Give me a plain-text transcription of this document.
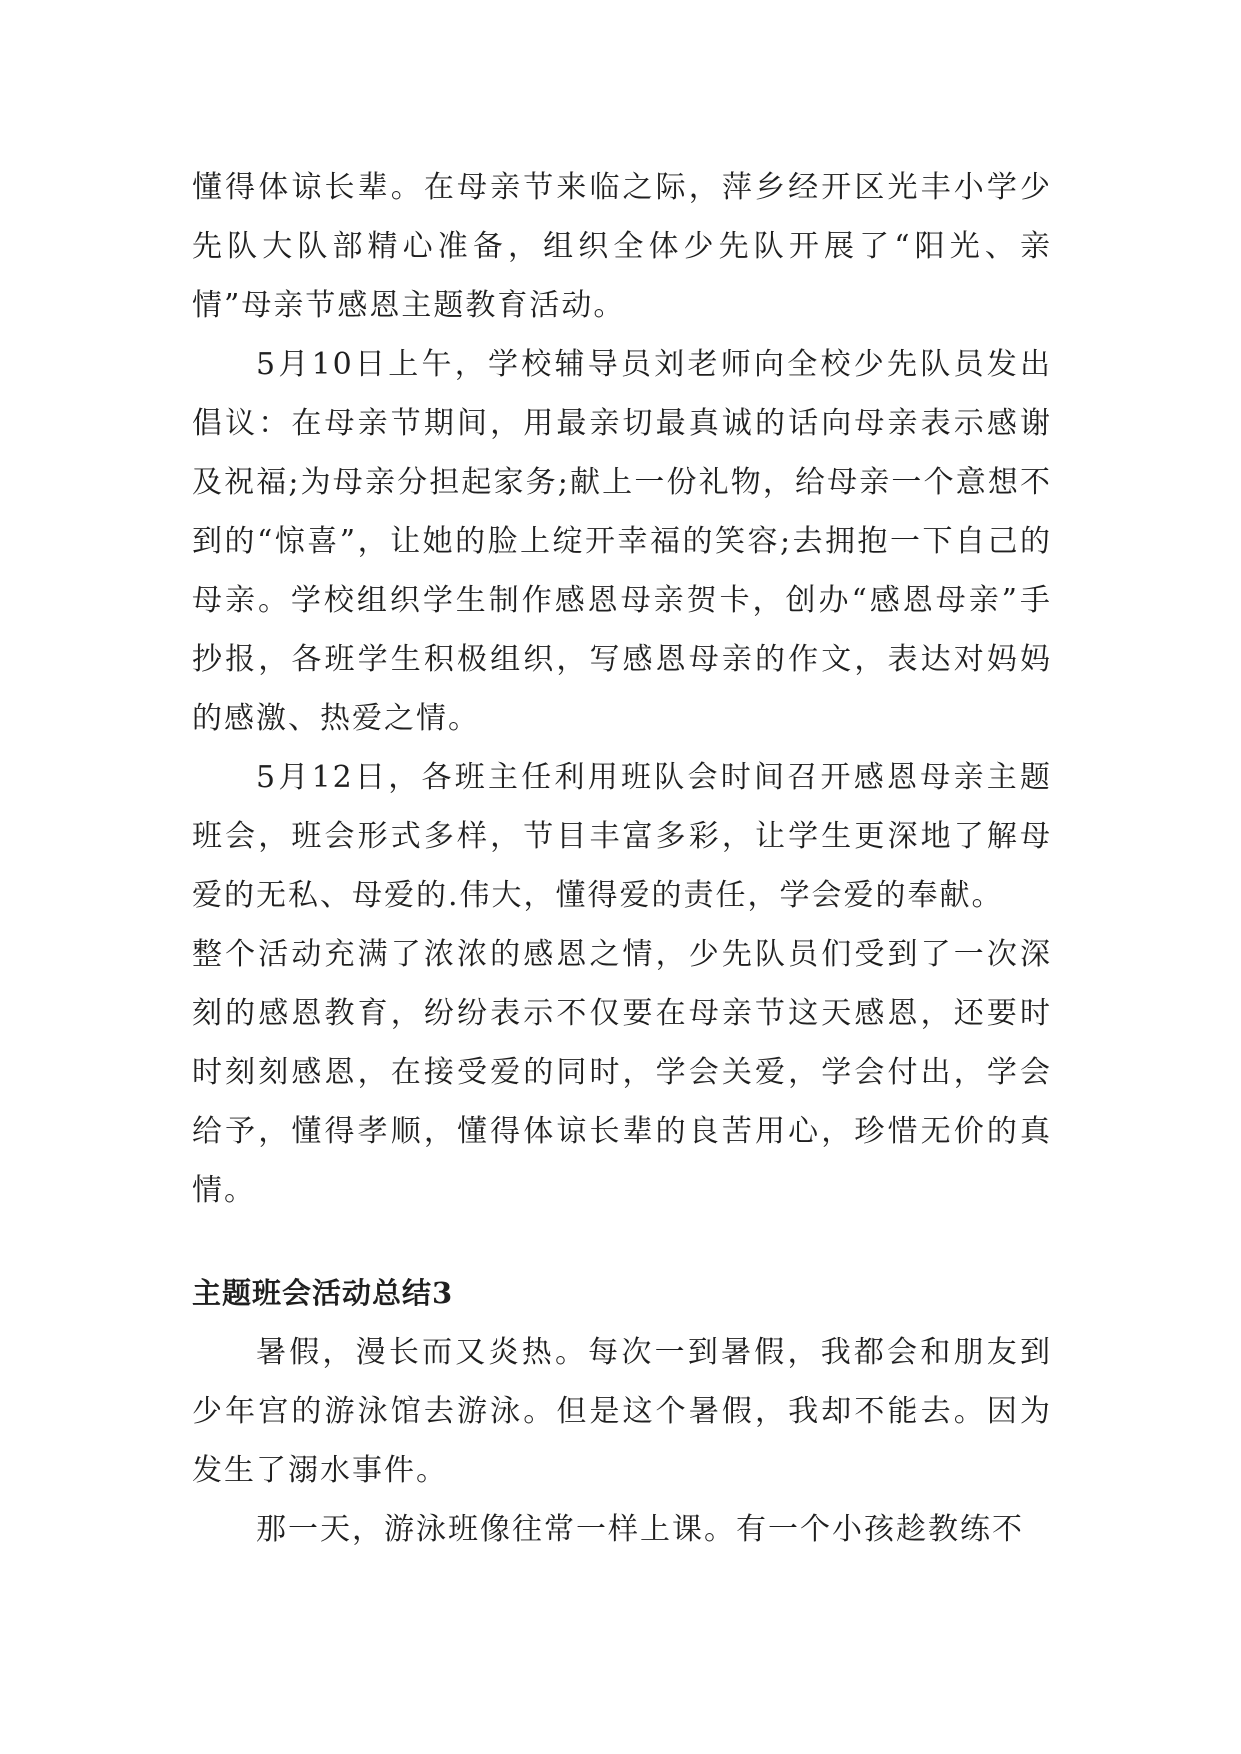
懂得体谅长辈。在母亲节来临之际，萍乡经开区光丰小学少先队大队部精心准备，组织全体少先队开展了“阳光、亲情”母亲节感恩主题教育活动。

5月10日上午，学校辅导员刘老师向全校少先队员发出倡议：在母亲节期间，用最亲切最真诚的话向母亲表示感谢及祝福;为母亲分担起家务;献上一份礼物，给母亲一个意想不到的“惊喜”，让她的脸上绽开幸福的笑容;去拥抱一下自己的母亲。学校组织学生制作感恩母亲贺卡，创办“感恩母亲”手抄报，各班学生积极组织，写感恩母亲的作文，表达对妈妈的感激、热爱之情。

5月12日，各班主任利用班队会时间召开感恩母亲主题班会，班会形式多样，节目丰富多彩，让学生更深地了解母爱的无私、母爱的.伟大，懂得爱的责任，学会爱的奉献。

整个活动充满了浓浓的感恩之情，少先队员们受到了一次深刻的感恩教育，纷纷表示不仅要在母亲节这天感恩，还要时时刻刻感恩，在接受爱的同时，学会关爱，学会付出，学会给予，懂得孝顺，懂得体谅长辈的良苦用心，珍惜无价的真情。

主题班会活动总结3

暑假，漫长而又炎热。每次一到暑假，我都会和朋友到少年宫的游泳馆去游泳。但是这个暑假，我却不能去。因为发生了溺水事件。

那一天，游泳班像往常一样上课。有一个小孩趁教练不
